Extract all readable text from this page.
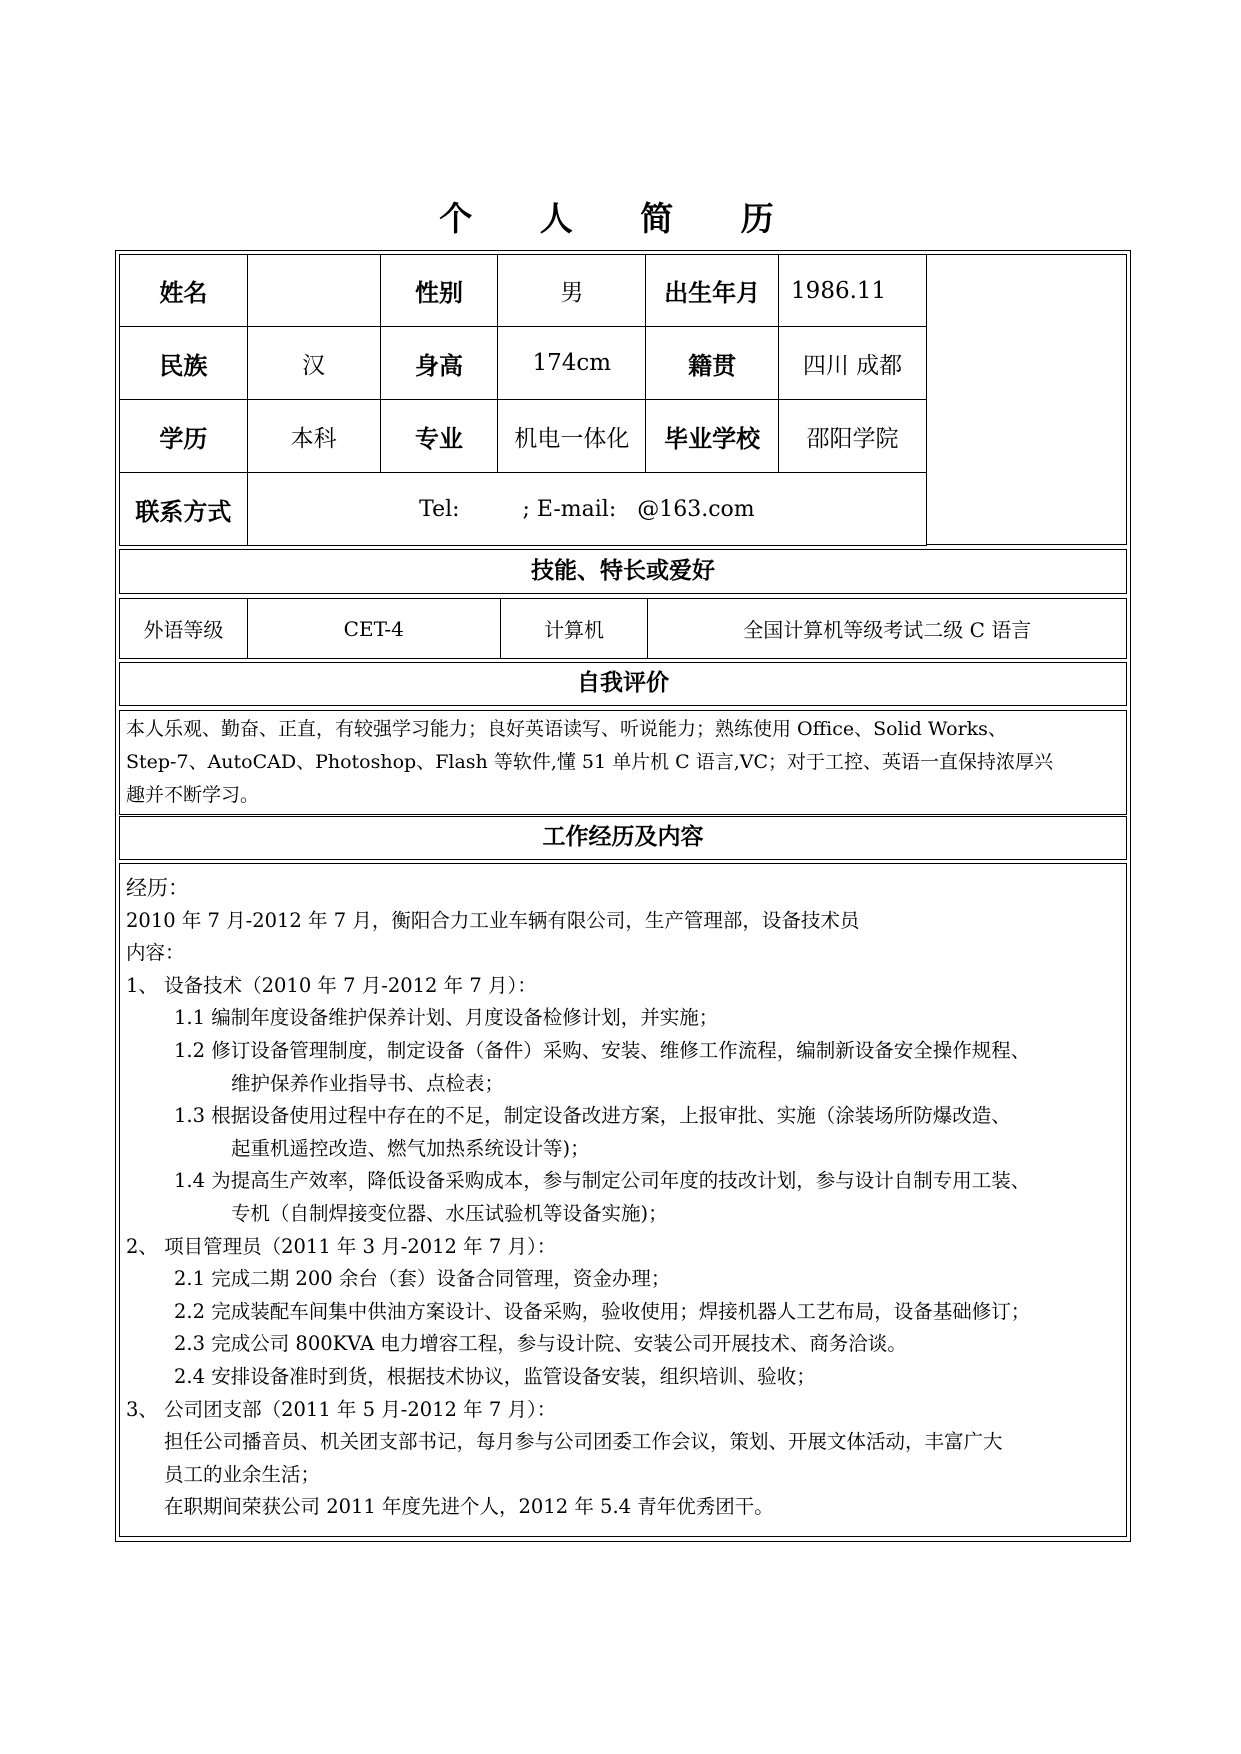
个 人 简 历
姓名		性别	男	出生年月	1986.11
民族	汉	身高	174cm	籍贯	四川 成都
学历	本科	专业	机电一体化	毕业学校	邵阳学院
联系方式	Tel:         ; E-mail:   @163.com				
技能、特长或爱好
外语等级	CET-4	计算机	全国计算机等级考试二级 C 语言
自我评价
本人乐观、勤奋、正直，有较强学习能力；良好英语读写、听说能力；熟练使用 Office、Solid Works、
Step-7、AutoCAD、Photoshop、Flash 等软件,懂 51 单片机 C 语言,VC；对于工控、英语一直保持浓厚兴
趣并不断学习。
工作经历及内容
经历：
2010 年 7 月-2012 年 7 月，衡阳合力工业车辆有限公司，生产管理部，设备技术员
内容：
1、 设备技术（2010 年 7 月-2012 年 7 月）：
1.1 编制年度设备维护保养计划、月度设备检修计划，并实施；
1.2 修订设备管理制度，制定设备（备件）采购、安装、维修工作流程，编制新设备安全操作规程、
维护保养作业指导书、点检表；
1.3 根据设备使用过程中存在的不足，制定设备改进方案，上报审批、实施（涂装场所防爆改造、
起重机遥控改造、燃气加热系统设计等)；
1.4 为提高生产效率，降低设备采购成本，参与制定公司年度的技改计划，参与设计自制专用工装、
专机（自制焊接变位器、水压试验机等设备实施)；
2、 项目管理员（2011 年 3 月-2012 年 7 月）：
2.1 完成二期 200 余台（套）设备合同管理，资金办理；
2.2 完成装配车间集中供油方案设计、设备采购，验收使用；焊接机器人工艺布局，设备基础修订；
2.3 完成公司 800KVA 电力增容工程，参与设计院、安装公司开展技术、商务洽谈。
2.4 安排设备准时到货，根据技术协议，监管设备安装，组织培训、验收；
3、 公司团支部（2011 年 5 月-2012 年 7 月）：
担任公司播音员、机关团支部书记，每月参与公司团委工作会议，策划、开展文体活动，丰富广大
员工的业余生活；
在职期间荣获公司 2011 年度先进个人，2012 年 5.4 青年优秀团干。
